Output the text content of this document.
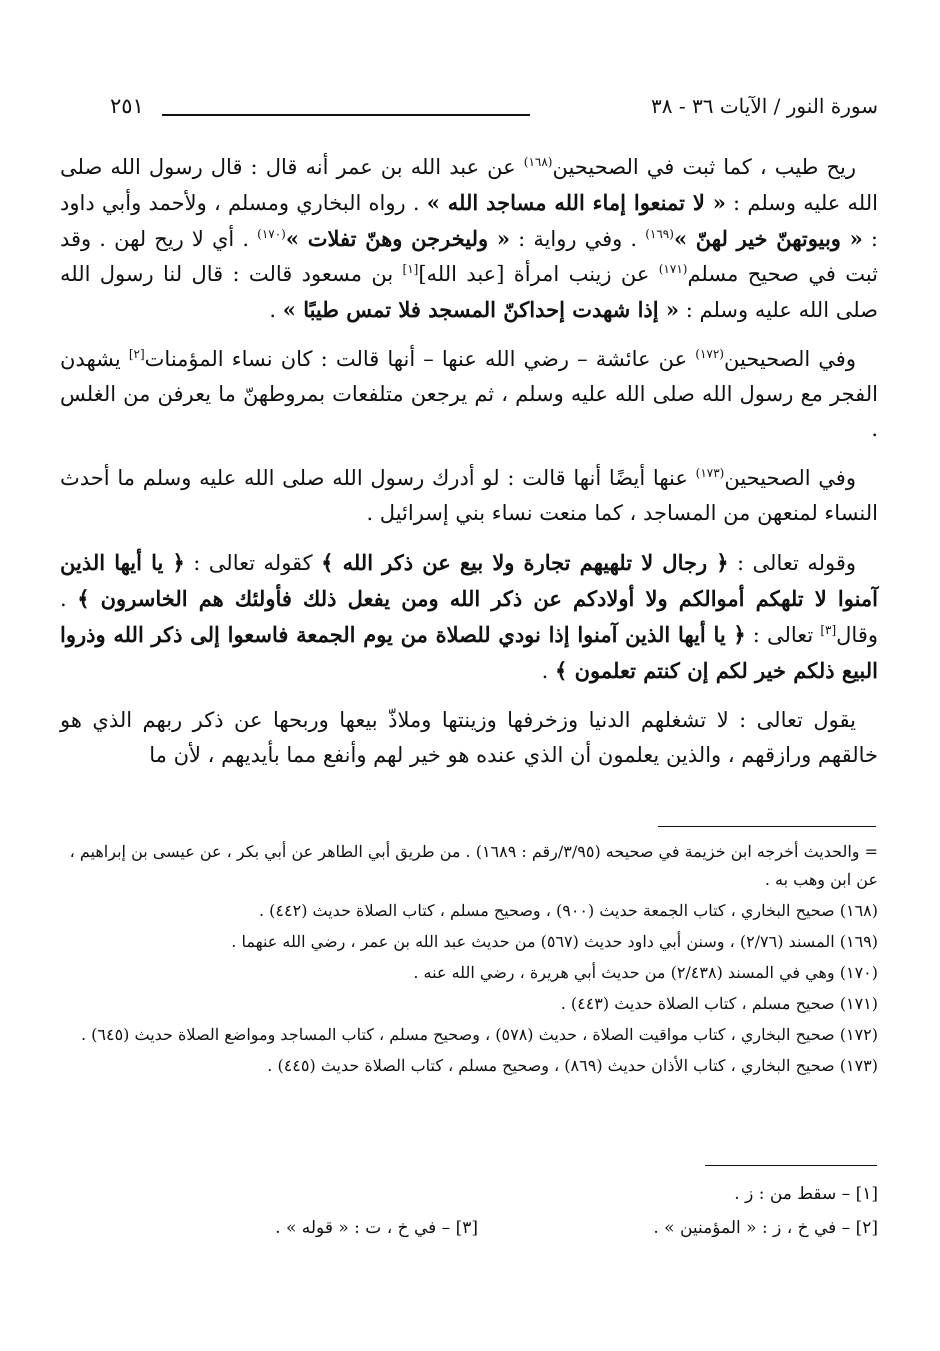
سورة النور / الآيات ٣٦ - ٣٨
٢٥١

ريح طيب ، كما ثبت في الصحيحين$^{(١٦٨)}$ عن عبد الله بن عمر أنه قال : قال رسول الله صلى الله عليه وسلم : « لا تمنعوا إماء الله مساجد الله » . رواه البخاري ومسلم ، ولأحمد وأبي داود : « وبيوتهنّ خير لهنّ »$^{(١٦٩)}$ . وفي رواية : « وليخرجن وهنّ تفلات »$^{(١٧٠)}$ . أي لا ريح لهن . وقد ثبت في صحيح مسلم$^{(١٧١)}$ عن زينب امرأة [عبد الله][١] بن مسعود قالت : قال لنا رسول الله صلى الله عليه وسلم : « إذا شهدت إحداكنّ المسجد فلا تمس طيبًا » .

وفي الصحيحين$^{(١٧٢)}$ عن عائشة – رضي الله عنها – أنها قالت : كان نساء المؤمنات[٢] يشهدن الفجر مع رسول الله صلى الله عليه وسلم ، ثم يرجعن متلفعات بمروطهنّ ما يعرفن من الغلس .

وفي الصحيحين$^{(١٧٣)}$ عنها أيضًا أنها قالت : لو أدرك رسول الله صلى الله عليه وسلم ما أحدث النساء لمنعهن من المساجد ، كما منعت نساء بني إسرائيل .

وقوله تعالى : ﴿ رجال لا تلهيهم تجارة ولا بيع عن ذكر الله ﴾ كقوله تعالى : ﴿ يا أيها الذين آمنوا لا تلهكم أموالكم ولا أولادكم عن ذكر الله ومن يفعل ذلك فأولئك هم الخاسرون ﴾ . وقال[٣] تعالى : ﴿ يا أيها الذين آمنوا إذا نودي للصلاة من يوم الجمعة فاسعوا إلى ذكر الله وذروا البيع ذلكم خير لكم إن كنتم تعلمون ﴾ .

يقول تعالى : لا تشغلهم الدنيا وزخرفها وزينتها وملاذّ بيعها وربحها عن ذكر ربهم الذي هو خالقهم ورازقهم ، والذين يعلمون أن الذي عنده هو خير لهم وأنفع مما بأيديهم ، لأن ما

= والحديث أخرجه ابن خزيمة في صحيحه (٣/٩٥/رقم : ١٦٨٩) . من طريق أبي الطاهر عن أبي بكر ، عن عيسى بن إبراهيم ، عن ابن وهب به .
(١٦٨) صحيح البخاري ، كتاب الجمعة حديث (٩٠٠) ، وصحيح مسلم ، كتاب الصلاة حديث (٤٤٢) .
(١٦٩) المسند (٢/٧٦) ، وسنن أبي داود حديث (٥٦٧) من حديث عبد الله بن عمر ، رضي الله عنهما .
(١٧٠) وهي في المسند (٢/٤٣٨) من حديث أبي هريرة ، رضي الله عنه .
(١٧١) صحيح مسلم ، كتاب الصلاة حديث (٤٤٣) .
(١٧٢) صحيح البخاري ، كتاب مواقيت الصلاة ، حديث (٥٧٨) ، وصحيح مسلم ، كتاب المساجد ومواضع الصلاة حديث (٦٤٥) .
(١٧٣) صحيح البخاري ، كتاب الأذان حديث (٨٦٩) ، وصحيح مسلم ، كتاب الصلاة حديث (٤٤٥) .
[١] – سقط من : ز .
[٢] – في خ ، ز : « المؤمنين » .
[٣] – في خ ، ت : « قوله » .
